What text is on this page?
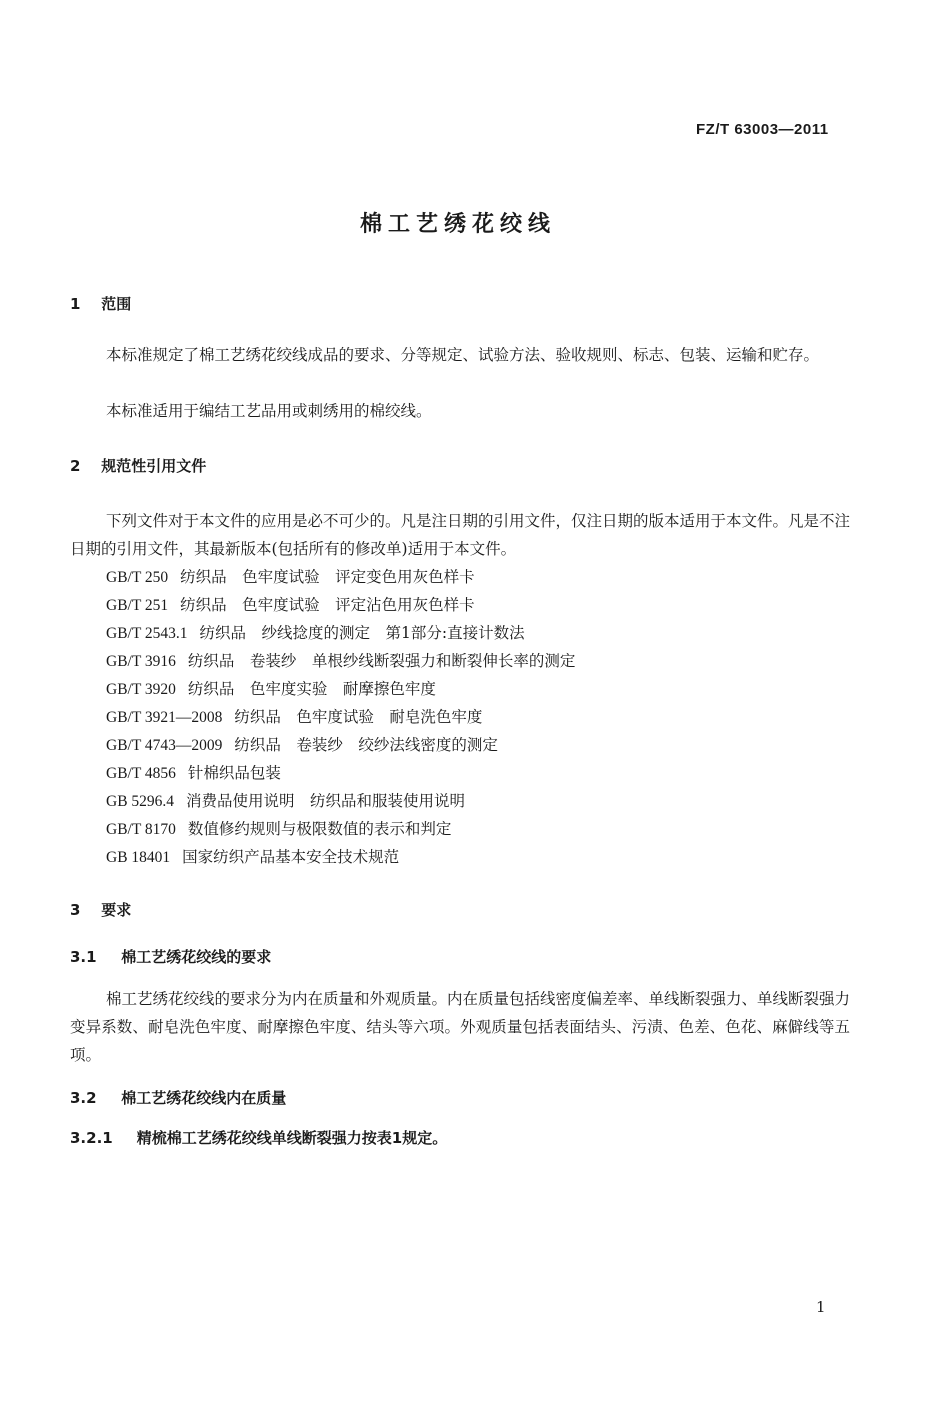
FZ/T 63003—2011
棉工艺绣花绞线
1 范围
本标准规定了棉工艺绣花绞线成品的要求、分等规定、试验方法、验收规则、标志、包装、运输和贮存。
本标准适用于编结工艺品用或刺绣用的棉绞线。
2 规范性引用文件
下列文件对于本文件的应用是必不可少的。凡是注日期的引用文件，仅注日期的版本适用于本文件。凡是不注日期的引用文件，其最新版本(包括所有的修改单)适用于本文件。
GB/T 250 纺织品　色牢度试验　评定变色用灰色样卡
GB/T 251 纺织品　色牢度试验　评定沾色用灰色样卡
GB/T 2543.1 纺织品　纱线捻度的测定　第1部分:直接计数法
GB/T 3916 纺织品　卷装纱　单根纱线断裂强力和断裂伸长率的测定
GB/T 3920 纺织品　色牢度实验　耐摩擦色牢度
GB/T 3921—2008 纺织品　色牢度试验　耐皂洗色牢度
GB/T 4743—2009 纺织品　卷装纱　绞纱法线密度的测定
GB/T 4856 针棉织品包装
GB 5296.4 消费品使用说明　纺织品和服装使用说明
GB/T 8170 数值修约规则与极限数值的表示和判定
GB 18401 国家纺织产品基本安全技术规范
3 要求
3.1 棉工艺绣花绞线的要求
棉工艺绣花绞线的要求分为内在质量和外观质量。内在质量包括线密度偏差率、单线断裂强力、单线断裂强力变异系数、耐皂洗色牢度、耐摩擦色牢度、结头等六项。外观质量包括表面结头、污渍、色差、色花、麻僻线等五项。
3.2 棉工艺绣花绞线内在质量
3.2.1 精梳棉工艺绣花绞线单线断裂强力按表1规定。
1
